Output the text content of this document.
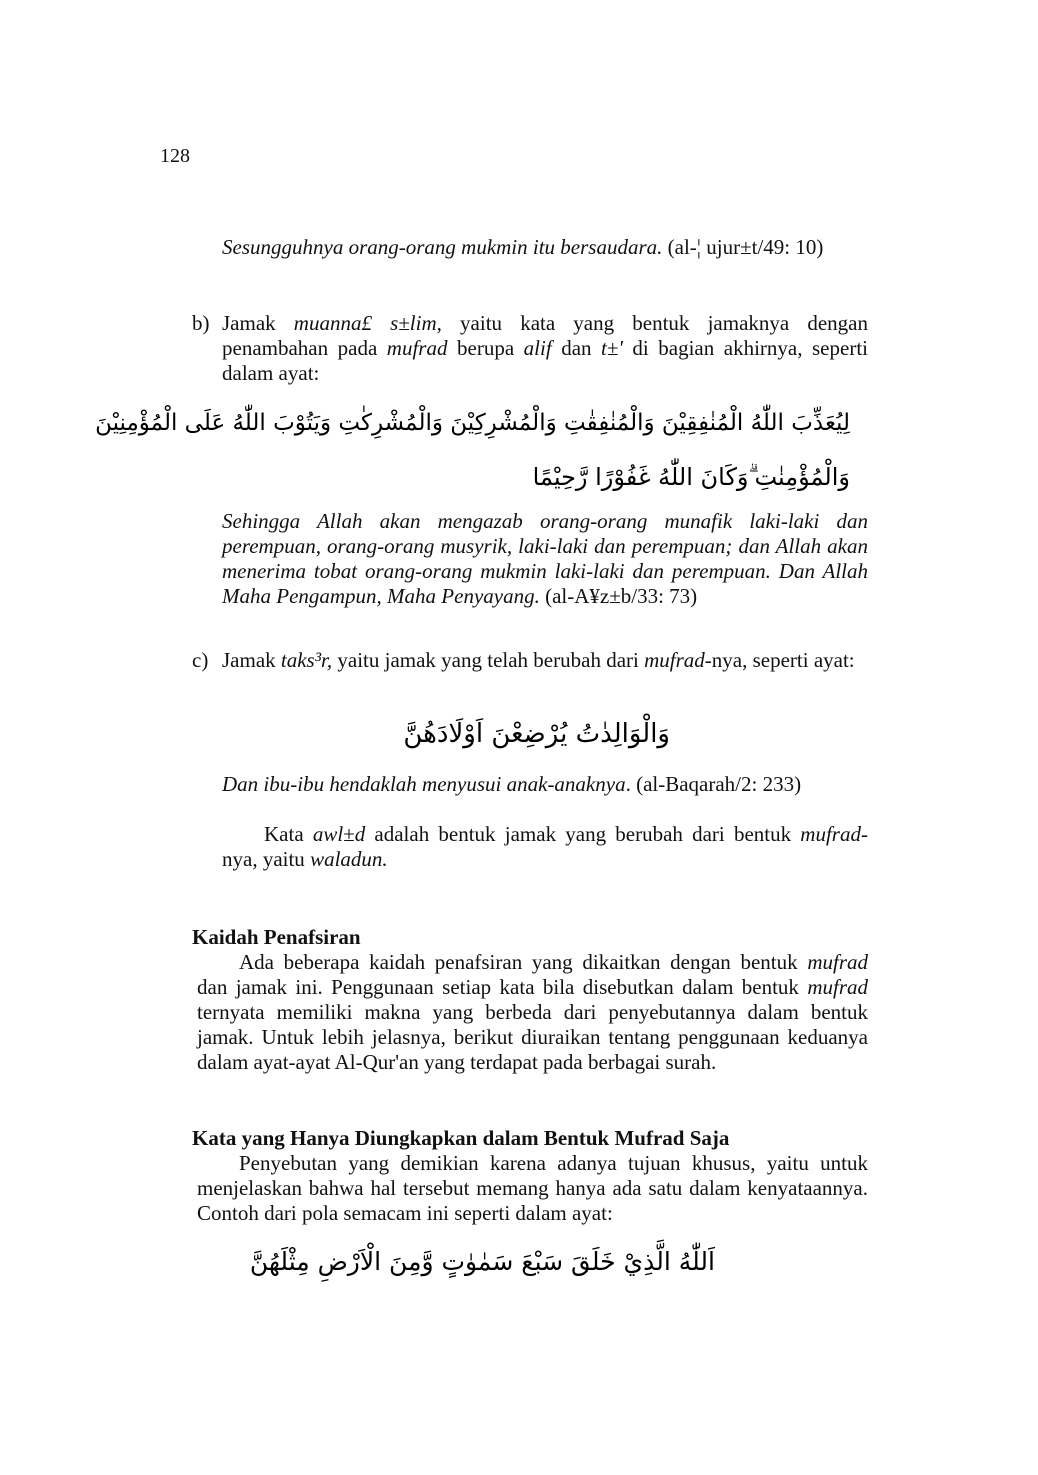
128
Sesungguhnya orang-orang mukmin itu bersaudara. (al-¦ ujur±t/49: 10)
b) Jamak muanna£ s±lim, yaitu kata yang bentuk jamaknya dengan penambahan pada mufrad berupa alif dan t±' di bagian akhirnya, seperti dalam ayat:
لِيُعَذِّبَ اللّٰهُ الْمُنٰفِقِيْنَ وَالْمُنٰفِقٰتِ وَالْمُشْرِكِيْنَ وَالْمُشْرِكٰتِ وَيَتُوْبَ اللّٰهُ عَلَى الْمُؤْمِنِيْنَ
وَالْمُؤْمِنٰتِ ۗوَكَانَ اللّٰهُ غَفُوْرًا رَّحِيْمًا
Sehingga Allah akan mengazab orang-orang munafik laki-laki dan perempuan, orang-orang musyrik, laki-laki dan perempuan; dan Allah akan menerima tobat orang-orang mukmin laki-laki dan perempuan. Dan Allah Maha Pengampun, Maha Penyayang. (al-A¥z±b/33: 73)
c) Jamak taks³r, yaitu jamak yang telah berubah dari mufrad-nya, seperti ayat:
وَالْوَالِدٰتُ يُرْضِعْنَ اَوْلَادَهُنَّ
Dan ibu-ibu hendaklah menyusui anak-anaknya. (al-Baqarah/2: 233)
Kata awl±d adalah bentuk jamak yang berubah dari bentuk mufrad-nya, yaitu waladun.
Kaidah Penafsiran
Ada beberapa kaidah penafsiran yang dikaitkan dengan bentuk mufrad dan jamak ini. Penggunaan setiap kata bila disebutkan dalam bentuk mufrad ternyata memiliki makna yang berbeda dari penyebutannya dalam bentuk jamak. Untuk lebih jelasnya, berikut diuraikan tentang penggunaan keduanya dalam ayat-ayat Al-Qur'an yang terdapat pada berbagai surah.
Kata yang Hanya Diungkapkan dalam Bentuk Mufrad Saja
Penyebutan yang demikian karena adanya tujuan khusus, yaitu untuk menjelaskan bahwa hal tersebut memang hanya ada satu dalam kenyataannya. Contoh dari pola semacam ini seperti dalam ayat:
اَللّٰهُ الَّذِيْ خَلَقَ سَبْعَ سَمٰوٰتٍ وَّمِنَ الْاَرْضِ مِثْلَهُنَّ
